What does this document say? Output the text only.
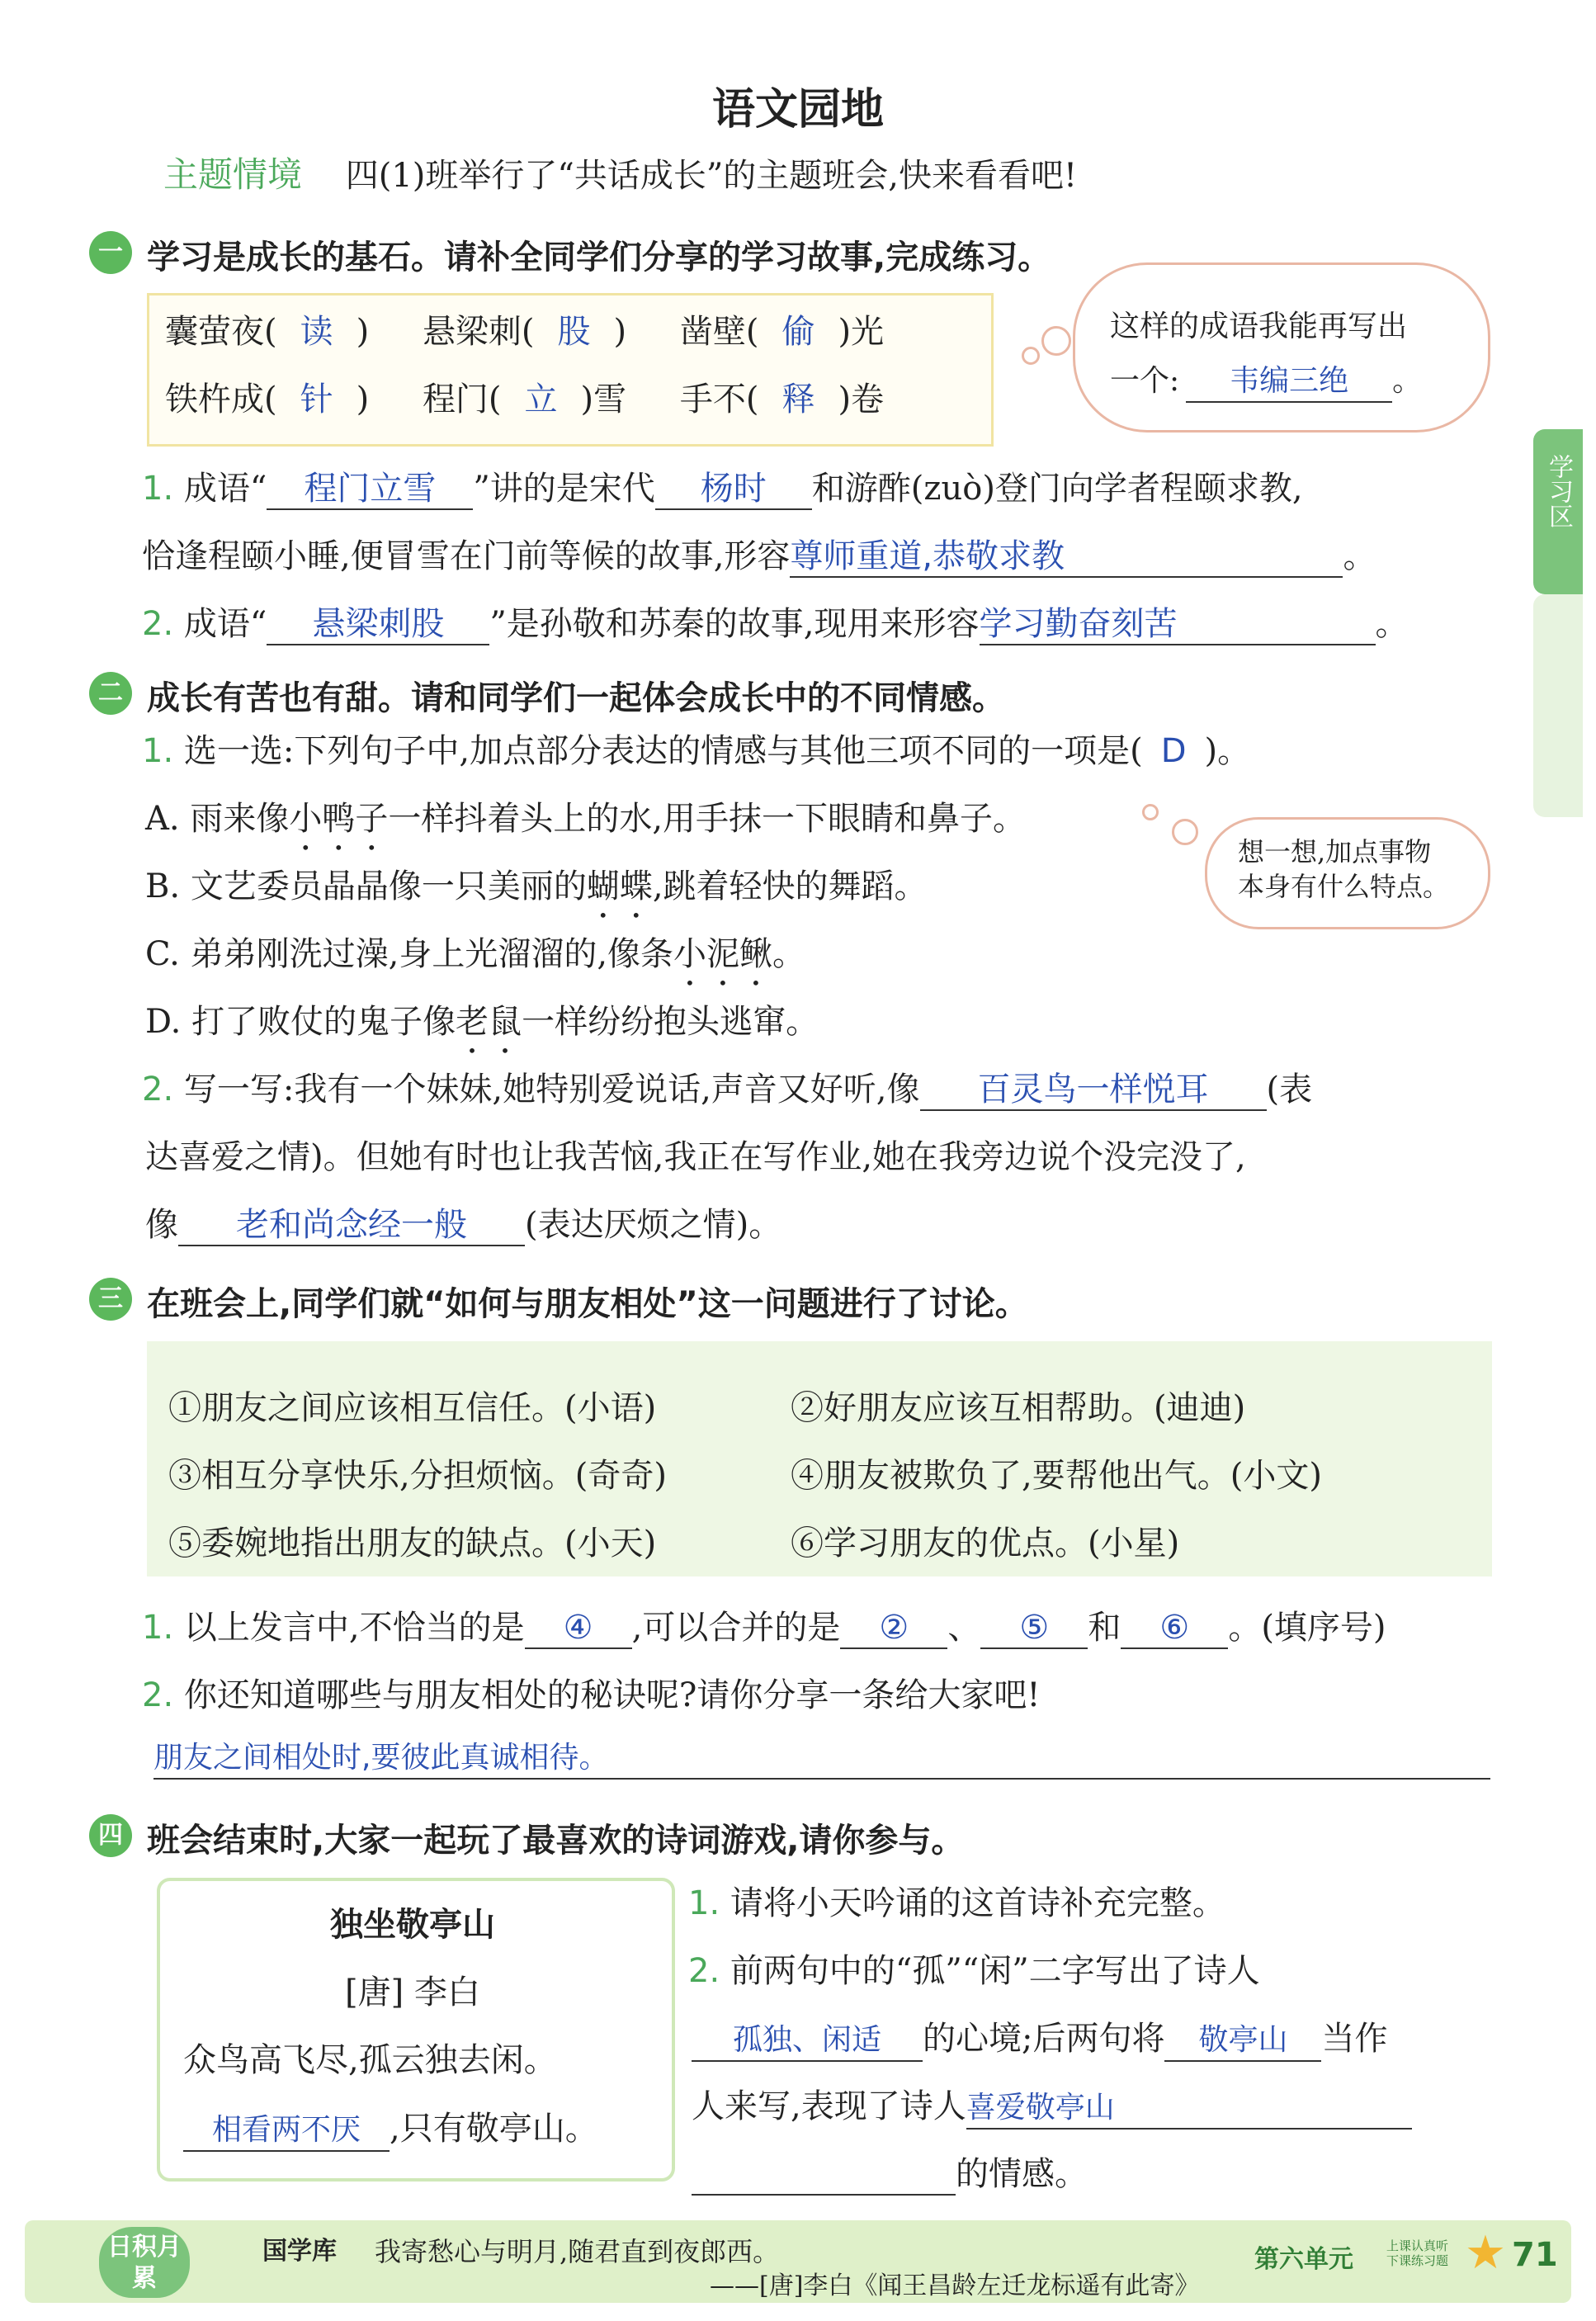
语文园地
主题情境 四(1)班举行了“共话成长”的主题班会,快来看看吧!
一 学习是成长的基石。请补全同学们分享的学习故事,完成练习。
囊萤夜( 读 ) 悬梁刺( 股 ) 凿壁( 偷 )光
铁杵成( 针 ) 程门( 立 )雪 手不( 释 )卷
这样的成语我能再写出
一个: 韦编三绝 。
1. 成语“ 程门立雪 ”讲的是宋代 杨时 和游酢(zuò)登门向学者程颐求教,
恰逢程颐小睡,便冒雪在门前等候的故事,形容尊师重道,恭敬求教	。
2. 成语“ 悬梁刺股 ”是孙敬和苏秦的故事,现用来形容学习勤奋刻苦	。
二 成长有苦也有甜。请和同学们一起体会成长中的不同情感。
1. 选一选:下列句子中,加点部分表达的情感与其他三项不同的一项是( D )。
A. 雨来像小鸭子一样抖着头上的水,用手抹一下眼睛和鼻子。
B. 文艺委员晶晶像一只美丽的蝴蝶,跳着轻快的舞蹈。
C. 弟弟刚洗过澡,身上光溜溜的,像条小泥鳅。
D. 打了败仗的鬼子像老鼠一样纷纷抱头逃窜。
想一想,加点事物
本身有什么特点。
2. 写一写:我有一个妹妹,她特别爱说话,声音又好听,像 百灵鸟一样悦耳 (表
达喜爱之情)。但她有时也让我苦恼,我正在写作业,她在我旁边说个没完没了,
像 老和尚念经一般 (表达厌烦之情)。
三 在班会上,同学们就“如何与朋友相处”这一问题进行了讨论。
①朋友之间应该相互信任。(小语)	②好朋友应该互相帮助。(迪迪)
③相互分享快乐,分担烦恼。(奇奇)	④朋友被欺负了,要帮他出气。(小文)
⑤委婉地指出朋友的缺点。(小天)	⑥学习朋友的优点。(小星)
1. 以上发言中,不恰当的是 ④ ,可以合并的是 ② 、 ⑤ 和 ⑥ 。(填序号)
2. 你还知道哪些与朋友相处的秘诀呢?请你分享一条给大家吧!
朋友之间相处时,要彼此真诚相待。
四 班会结束时,大家一起玩了最喜欢的诗词游戏,请你参与。
独坐敬亭山
[唐] 李白
众鸟高飞尽,孤云独去闲。
相看两不厌 ,只有敬亭山。
1. 请将小天吟诵的这首诗补充完整。
2. 前两句中的“孤”“闲”二字写出了诗人
孤独、闲适 的心境;后两句将 敬亭山 当作
人来写,表现了诗人喜爱敬亭山
的情感。
学习区
日积月累
国学库 我寄愁心与明月,随君直到夜郎西。
——[唐]李白《闻王昌龄左迁龙标遥有此寄》
第六单元	上课认真听
下课练习题 ★ 71
